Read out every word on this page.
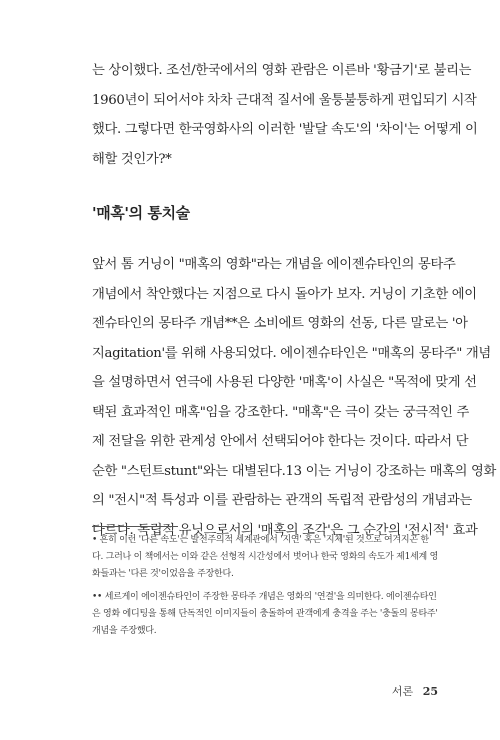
는 상이했다. 조선/한국에서의 영화 관람은 이른바 '황금기'로 불리는
1960년이 되어서야 차차 근대적 질서에 울퉁불퉁하게 편입되기 시작
했다. 그렇다면 한국영화사의 이러한 '발달 속도'의 '차이'는 어떻게 이
해할 것인가?*
'매혹'의 통치술
앞서 톰 거닝이 "매혹의 영화"라는 개념을 에이젠슈타인의 몽타주
개념에서 착안했다는 지점으로 다시 돌아가 보자. 거닝이 기초한 에이
젠슈타인의 몽타주 개념**은 소비에트 영화의 선동, 다른 말로는 '아
지agitation'를 위해 사용되었다. 에이젠슈타인은 "매혹의 몽타주" 개념
을 설명하면서 연극에 사용된 다양한 '매혹'이 사실은 "목적에 맞게 선
택된 효과적인 매혹"임을 강조한다. "매혹"은 극이 갖는 궁극적인 주
제 전달을 위한 관계성 안에서 선택되어야 한다는 것이다. 따라서 단
순한 "스턴트stunt"와는 대별된다.13 이는 거닝이 강조하는 매혹의 영화
의 "전시"적 특성과 이를 관람하는 관객의 독립적 관람성의 개념과는
다르다. 독립적 유닛으로서의 '매혹의 조각'은 그 순간의 '전시적' 효과
• 흔히 이런 '다른 속도'는 발전주의적 세계관에서 '지연' 혹은 '지체'된 것으로 여겨지곤 한
다. 그러나 이 책에서는 이와 같은 선형적 시간성에서 벗어나 한국 영화의 속도가 제1세계 영
화들과는 '다른 것'이었음을 주장한다.
•• 세르게이 에이젠슈타인이 주장한 몽타주 개념은 영화의 '연결'을 의미한다. 에이젠슈타인
은 영화 에디팅을 통해 단독적인 이미지들이 충돌하여 관객에게 충격을 주는 '충돌의 몽타주'
개념을 주장했다.
서론 25
